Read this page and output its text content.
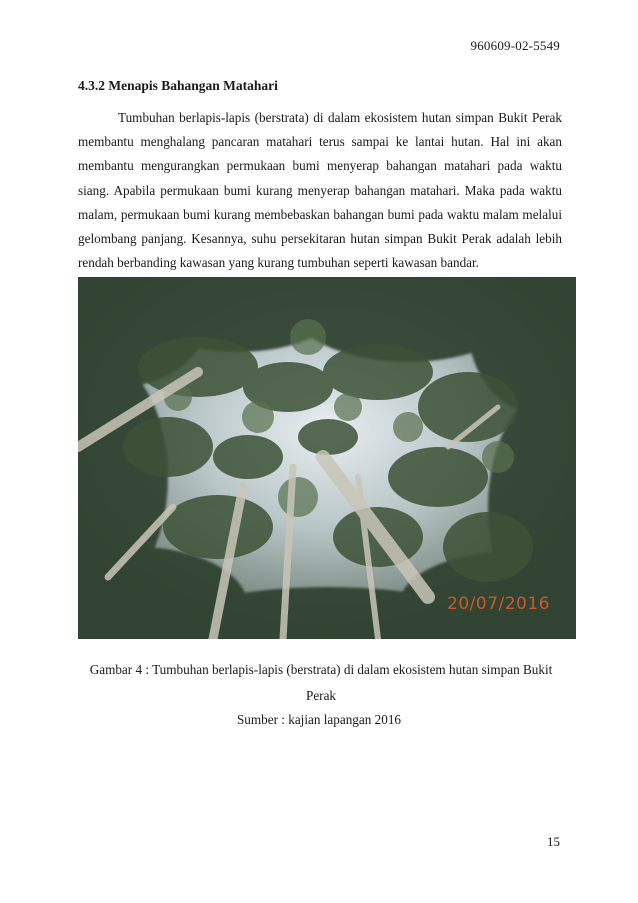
960609-02-5549
4.3.2 Menapis Bahangan Matahari

Tumbuhan berlapis-lapis (berstrata) di dalam ekosistem hutan simpan Bukit Perak membantu menghalang pancaran matahari terus sampai ke lantai hutan. Hal ini akan membantu mengurangkan permukaan bumi menyerap bahangan matahari pada waktu siang. Apabila permukaan bumi kurang menyerap bahangan matahari. Maka pada waktu malam, permukaan bumi kurang membebaskan bahangan bumi pada waktu malam melalui gelombang panjang. Kesannya, suhu persekitaran hutan simpan Bukit Perak adalah lebih rendah berbanding kawasan yang kurang tumbuhan seperti kawasan bandar.

20/07/2016

Gambar 4 : Tumbuhan berlapis-lapis (berstrata) di dalam ekosistem hutan simpan Bukit Perak

Sumber : kajian lapangan 2016
15
